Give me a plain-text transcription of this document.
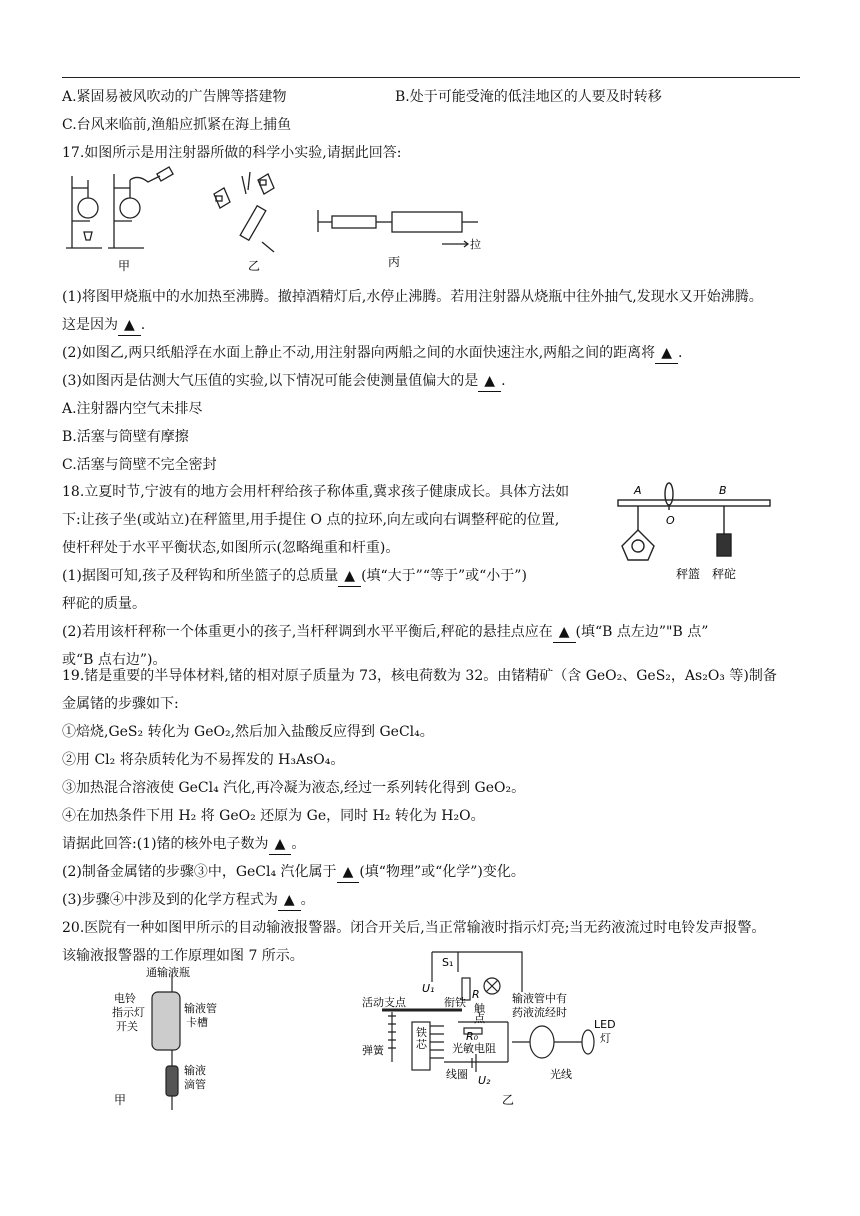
A.紧固易被风吹动的广告牌等搭建物	B.处于可能受淹的低洼地区的人要及时转移
C.台风来临前,渔船应抓紧在海上捕鱼
17.如图所示是用注射器所做的科学小实验,请据此回答:
甲	乙
拉
丙
(1)将图甲烧瓶中的水加热至沸腾。撤掉酒精灯后,水停止沸腾。若用注射器从烧瓶中往外抽气,发现水又开始沸腾。
这是因为 ▲ .
(2)如图乙,两只纸船浮在水面上静止不动,用注射器向两船之间的水面快速注水,两船之间的距离将 ▲ .
(3)如图丙是估测大气压值的实验,以下情况可能会使测量值偏大的是 ▲ .
A.注射器内空气未排尽
B.活塞与筒壁有摩擦
C.活塞与筒壁不完全密封
18.立夏时节,宁波有的地方会用杆秤给孩子称体重,冀求孩子健康成长。具体方法如
下:让孩子坐(或站立)在秤篮里,用手提住 O 点的拉环,向左或向右调整秤砣的位置,
使杆秤处于水平平衡状态,如图所示(忽略绳重和杆重)。
(1)据图可知,孩子及秤钩和所坐篮子的总质量 ▲ (填“大于”“等于”或“小于”)
秤砣的质量。
(2)若用该杆秤称一个体重更小的孩子,当杆秤调到水平平衡后,秤砣的悬挂点应在 ▲ (填“B 点左边”"B 点”
或“B 点右边”)。
A	B
O
秤篮 秤砣
19.锗是重要的半导体材料,锗的相对原子质量为 73，核电荷数为 32。由锗精矿（含 GeO₂、GeS₂，As₂O₃ 等)制备
金属锗的步骤如下:
①焙烧,GeS₂ 转化为 GeO₂,然后加入盐酸反应得到 GeCl₄。
②用 Cl₂ 将杂质转化为不易挥发的 H₃AsO₄。
③加热混合溶液使 GeCl₄ 汽化,再冷凝为液态,经过一系列转化得到 GeO₂。
④在加热条件下用 H₂ 将 GeO₂ 还原为 Ge，同时 H₂ 转化为 H₂O。
请据此回答:(1)锗的核外电子数为 ▲ 。
(2)制备金属锗的步骤③中，GeCl₄ 汽化属于 ▲ (填“物理”或“化学”)变化。
(3)步骤④中涉及到的化学方程式为 ▲ 。
20.医院有一种如图甲所示的目动输液报警器。闭合开关后,当正常输液时指示灯亮;当无药液流过时电铃发声报警。
该输液报警器的工作原理如图 7 所示。
通输液瓶
电铃
指示灯
开关
输液管
卡槽
输液
滴管
甲
S₁
U₁	R
活动支点	衔铁 触
点
铁
芯
弹簧
R₀
光敏电阻
线圈 U₂
输液管中有
药液流经时
LED
灯
光线
乙
